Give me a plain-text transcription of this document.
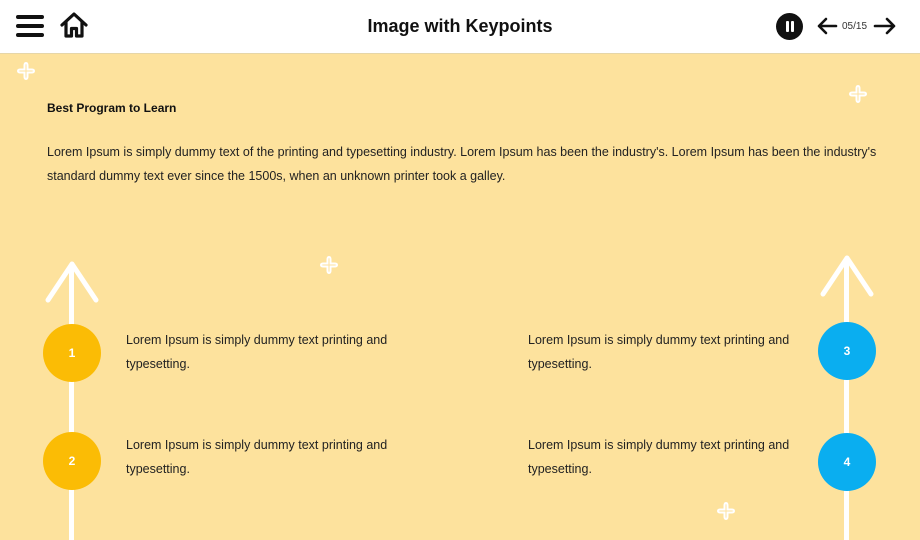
Image with Keypoints	05/15
Best Program to Learn
Lorem Ipsum is simply dummy text of the printing and typesetting industry. Lorem Ipsum has been the industry's. Lorem Ipsum has been the industry's standard dummy text ever since the 1500s, when an unknown printer took a galley.
1
Lorem Ipsum is simply dummy text printing and typesetting.
2
Lorem Ipsum is simply dummy text printing and typesetting.
3
Lorem Ipsum is simply dummy text printing and typesetting.
4
Lorem Ipsum is simply dummy text printing and typesetting.
